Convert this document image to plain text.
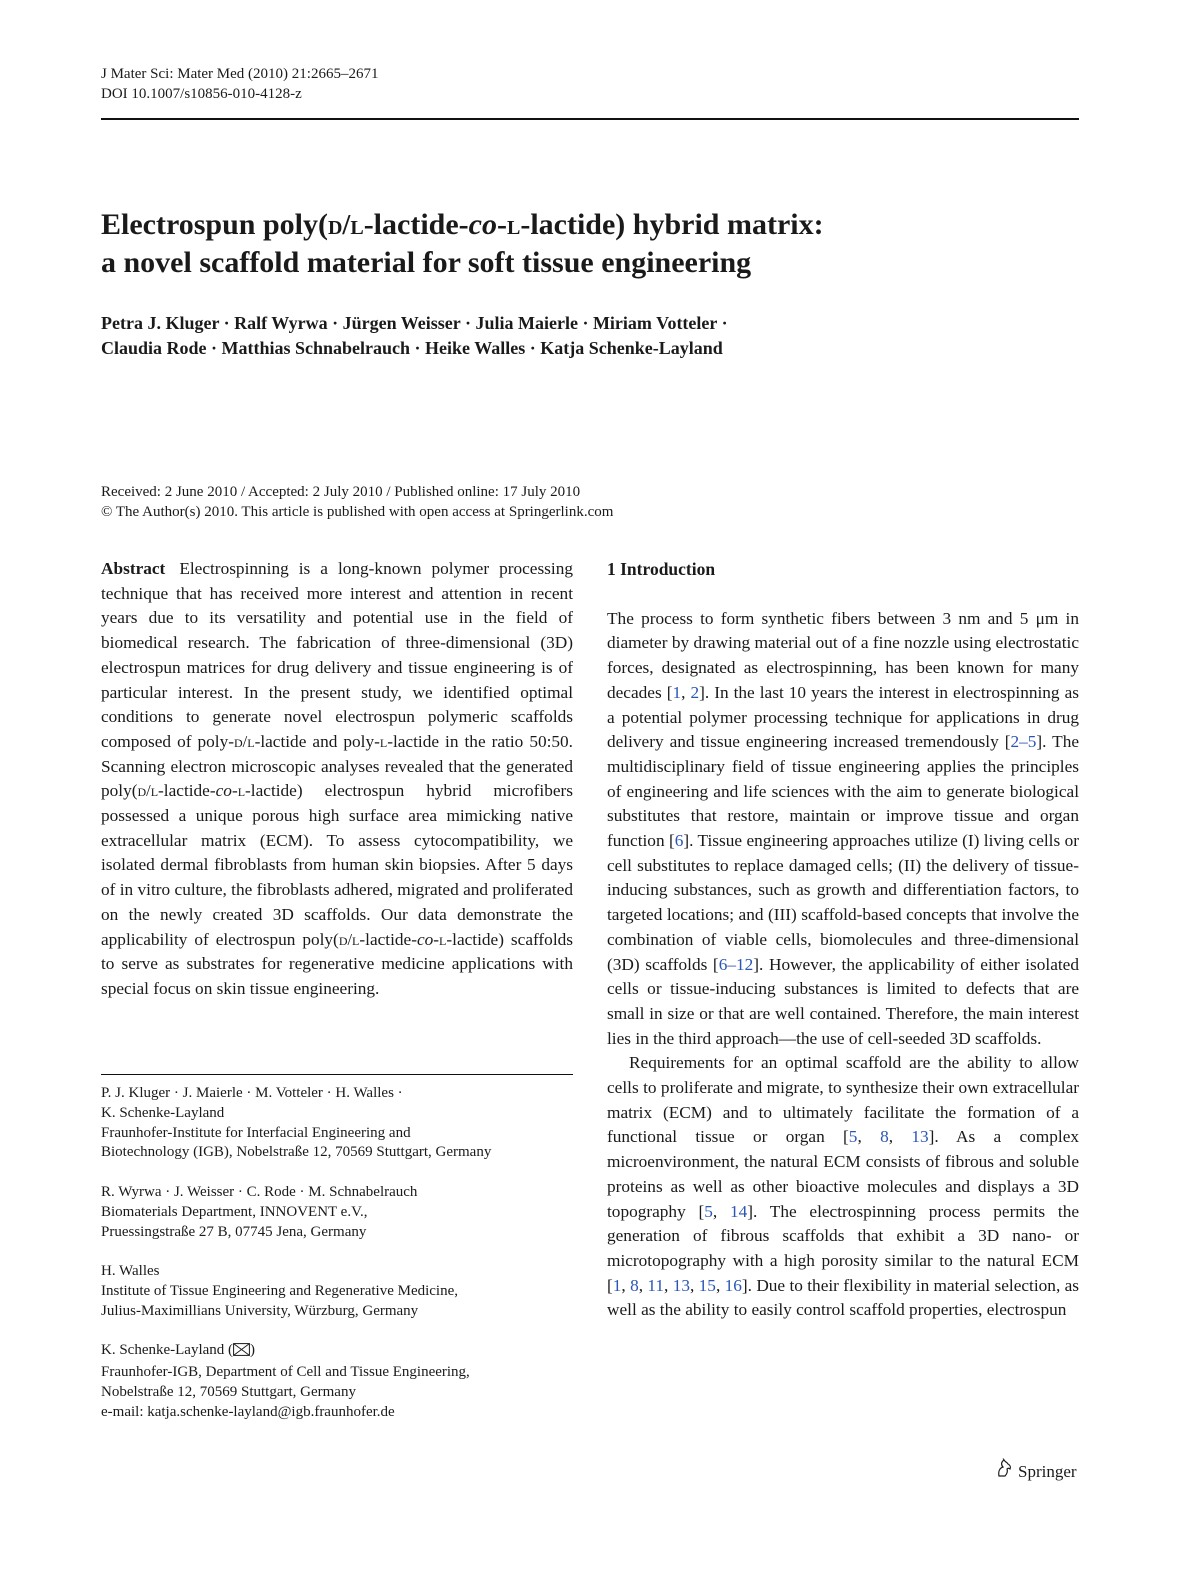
J Mater Sci: Mater Med (2010) 21:2665–2671
DOI 10.1007/s10856-010-4128-z
Electrospun poly(d/l-lactide-co-l-lactide) hybrid matrix:
a novel scaffold material for soft tissue engineering
Petra J. Kluger · Ralf Wyrwa · Jürgen Weisser · Julia Maierle · Miriam Votteler ·
Claudia Rode · Matthias Schnabelrauch · Heike Walles · Katja Schenke-Layland
Received: 2 June 2010 / Accepted: 2 July 2010 / Published online: 17 July 2010
© The Author(s) 2010. This article is published with open access at Springerlink.com

Abstract Electrospinning is a long-known polymer processing technique that has received more interest and attention in recent years due to its versatility and potential use in the field of biomedical research. The fabrication of three-dimensional (3D) electrospun matrices for drug delivery and tissue engineering is of particular interest. In the present study, we identified optimal conditions to generate novel electrospun polymeric scaffolds composed of poly-d/l-lactide and poly-l-lactide in the ratio 50:50. Scanning electron microscopic analyses revealed that the generated poly(d/l-lactide-co-l-lactide) electrospun hybrid microfibers possessed a unique porous high surface area mimicking native extracellular matrix (ECM). To assess cytocompatibility, we isolated dermal fibroblasts from human skin biopsies. After 5 days of in vitro culture, the fibroblasts adhered, migrated and proliferated on the newly created 3D scaffolds. Our data demonstrate the applicability of electrospun poly(d/l-lactide-co-l-lactide) scaffolds to serve as substrates for regenerative medicine applications with special focus on skin tissue engineering.

P. J. Kluger · J. Maierle · M. Votteler · H. Walles ·
K. Schenke-Layland
Fraunhofer-Institute for Interfacial Engineering and
Biotechnology (IGB), Nobelstraße 12, 70569 Stuttgart, Germany
R. Wyrwa · J. Weisser · C. Rode · M. Schnabelrauch
Biomaterials Department, INNOVENT e.V.,
Pruessingstraße 27 B, 07745 Jena, Germany
H. Walles
Institute of Tissue Engineering and Regenerative Medicine,
Julius-Maximillians University, Würzburg, Germany
K. Schenke-Layland ( )
Fraunhofer-IGB, Department of Cell and Tissue Engineering,
Nobelstraße 12, 70569 Stuttgart, Germany
e-mail: katja.schenke-layland@igb.fraunhofer.de

1 Introduction

The process to form synthetic fibers between 3 nm and 5 μm in diameter by drawing material out of a fine nozzle using electrostatic forces, designated as electrospinning, has been known for many decades [1, 2]. In the last 10 years the interest in electrospinning as a potential polymer processing technique for applications in drug delivery and tissue engineering increased tremendously [2–5]. The multidisciplinary field of tissue engineering applies the principles of engineering and life sciences with the aim to generate biological substitutes that restore, maintain or improve tissue and organ function [6]. Tissue engineering approaches utilize (I) living cells or cell substitutes to replace damaged cells; (II) the delivery of tissue-inducing substances, such as growth and differentiation factors, to targeted locations; and (III) scaffold-based concepts that involve the combination of viable cells, biomolecules and three-dimensional (3D) scaffolds [6–12]. However, the applicability of either isolated cells or tissue-inducing substances is limited to defects that are small in size or that are well contained. Therefore, the main interest lies in the third approach—the use of cell-seeded 3D scaffolds.

Requirements for an optimal scaffold are the ability to allow cells to proliferate and migrate, to synthesize their own extracellular matrix (ECM) and to ultimately facilitate the formation of a functional tissue or organ [5, 8, 13]. As a complex microenvironment, the natural ECM consists of fibrous and soluble proteins as well as other bioactive molecules and displays a 3D topography [5, 14]. The electrospinning process permits the generation of fibrous scaffolds that exhibit a 3D nano- or microtopography with a high porosity similar to the natural ECM [1, 8, 11, 13, 15, 16]. Due to their flexibility in material selection, as well as the ability to easily control scaffold properties, electrospun

Springer
